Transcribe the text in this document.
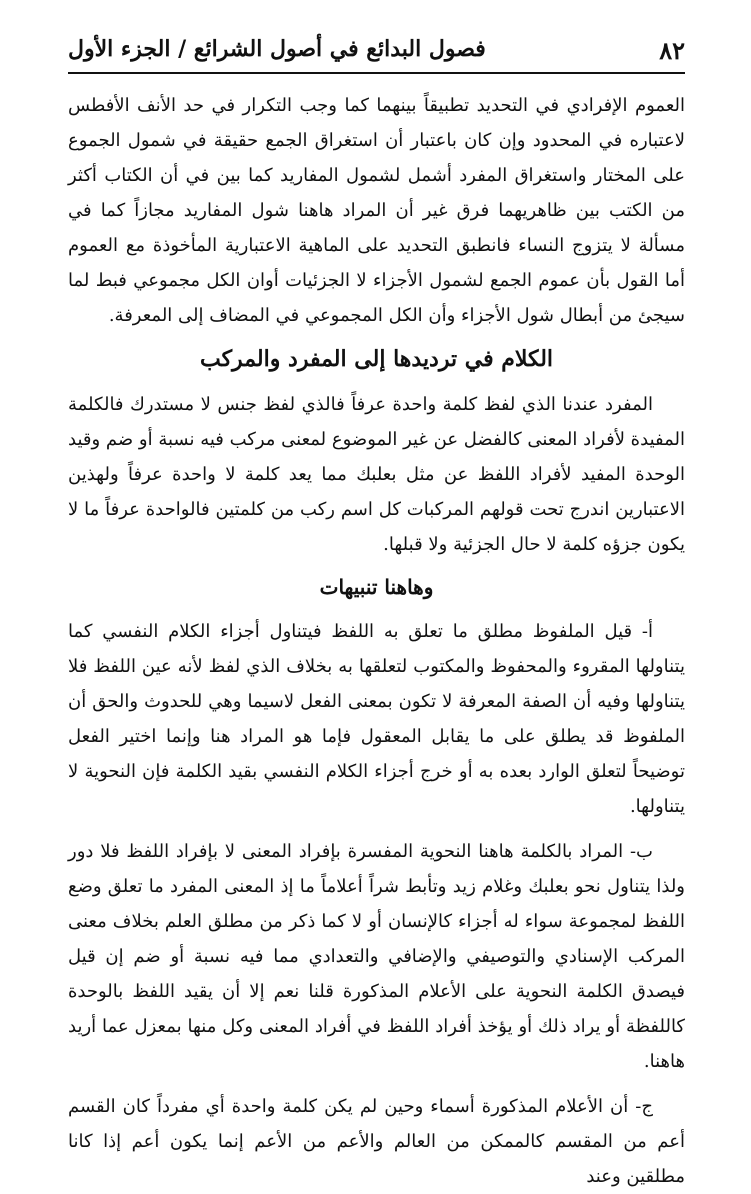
٨٢
فصول البدائع في أصول الشرائع / الجزء الأول

العموم الإفرادي في التحديد تطبيقاً بينهما كما وجب التكرار في حد الأنف الأفطس لاعتباره في المحدود وإن كان باعتبار أن استغراق الجمع حقيقة في شمول الجموع على المختار واستغراق المفرد أشمل لشمول المفاريد كما بين في أن الكتاب أكثر من الكتب بين ظاهريهما فرق غير أن المراد هاهنا شول المفاريد مجازاً كما في مسألة لا يتزوج النساء فانطبق التحديد على الماهية الاعتبارية المأخوذة مع العموم أما القول بأن عموم الجمع لشمول الأجزاء لا الجزئيات أوان الكل مجموعي فبط لما سيجئ من أبطال شول الأجزاء وأن الكل المجموعي في المضاف إلى المعرفة.

الكلام في ترديدها إلى المفرد والمركب

المفرد عندنا الذي لفظ كلمة واحدة عرفاً فالذي لفظ جنس لا مستدرك فالكلمة المفيدة لأفراد المعنى كالفضل عن غير الموضوع لمعنى مركب فيه نسبة أو ضم وقيد الوحدة المفيد لأفراد اللفظ عن مثل بعلبك مما يعد كلمة لا واحدة عرفاً ولهذين الاعتبارين اندرج تحت قولهم المركبات كل اسم ركب من كلمتين فالواحدة عرفاً ما لا يكون جزؤه كلمة لا حال الجزئية ولا قبلها.

وهاهنا تنبيهات

أ- قيل الملفوظ مطلق ما تعلق به اللفظ فيتناول أجزاء الكلام النفسي كما يتناولها المقروء والمحفوظ والمكتوب لتعلقها به بخلاف الذي لفظ لأنه عين اللفظ فلا يتناولها وفيه أن الصفة المعرفة لا تكون بمعنى الفعل لاسيما وهي للحدوث والحق أن الملفوظ قد يطلق على ما يقابل المعقول فإما هو المراد هنا وإنما اختير الفعل توضيحاً لتعلق الوارد بعده به أو خرج أجزاء الكلام النفسي بقيد الكلمة فإن النحوية لا يتناولها.

ب- المراد بالكلمة هاهنا النحوية المفسرة بإفراد المعنى لا بإفراد اللفظ فلا دور ولذا يتناول نحو بعلبك وغلام زيد وتأبط شراً أعلاماً ما إذ المعنى المفرد ما تعلق وضع اللفظ لمجموعة سواء له أجزاء كالإنسان أو لا كما ذكر من مطلق العلم بخلاف معنى المركب الإسنادي والتوصيفي والإضافي والتعدادي مما فيه نسبة أو ضم إن قيل فيصدق الكلمة النحوية على الأعلام المذكورة قلنا نعم إلا أن يقيد اللفظ بالوحدة كاللفظة أو يراد ذلك أو يؤخذ أفراد اللفظ في أفراد المعنى وكل منها بمعزل عما أريد هاهنا.

ج- أن الأعلام المذكورة أسماء وحين لم يكن كلمة واحدة أي مفرداً كان القسم أعم من المقسم كالممكن من العالم والأعم من الأعم إنما يكون أعم إذا كانا مطلقين وعند
